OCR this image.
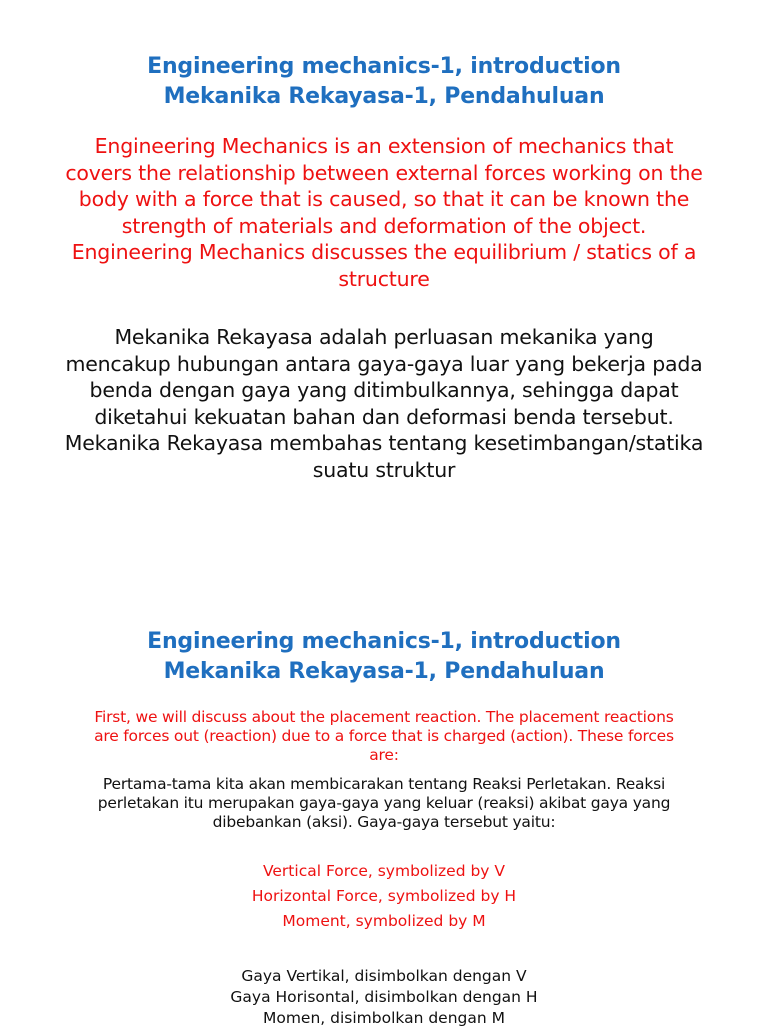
Engineering mechanics-1, introduction
Mekanika Rekayasa-1, Pendahuluan

Engineering Mechanics is an extension of mechanics that covers the relationship between external forces working on the body with a force that is caused, so that it can be known the strength of materials and deformation of the object. Engineering Mechanics discusses the equilibrium / statics of a structure

Mekanika Rekayasa adalah perluasan mekanika yang mencakup hubungan antara gaya-gaya luar yang bekerja pada benda dengan gaya yang ditimbulkannya, sehingga dapat diketahui kekuatan bahan dan deformasi benda tersebut. Mekanika Rekayasa membahas tentang kesetimbangan/statika suatu struktur

Engineering mechanics-1, introduction
Mekanika Rekayasa-1, Pendahuluan

First, we will discuss about the placement reaction. The placement reactions are forces out (reaction) due to a force that is charged (action). These forces are:

Pertama-tama kita akan membicarakan tentang Reaksi Perletakan. Reaksi perletakan itu merupakan gaya-gaya yang keluar (reaksi) akibat gaya yang dibebankan (aksi). Gaya-gaya tersebut yaitu:

Vertical Force, symbolized by V
Horizontal Force, symbolized by H
Moment, symbolized by M
Gaya Vertikal, disimbolkan dengan V
Gaya Horisontal, disimbolkan dengan H
Momen, disimbolkan dengan M
